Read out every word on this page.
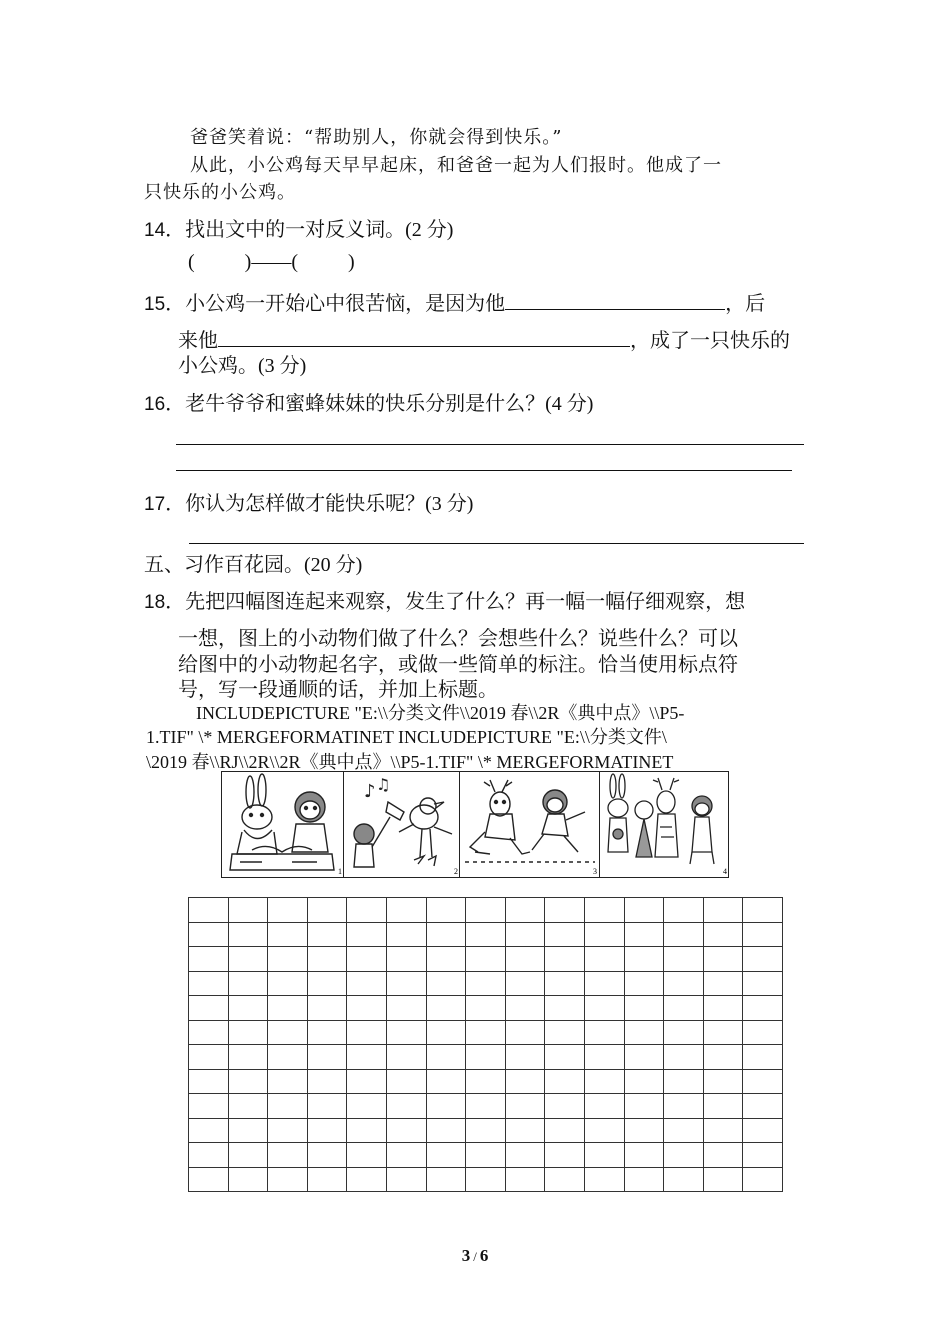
爸爸笑着说：“帮助别人，你就会得到快乐。”
从此，小公鸡每天早早起床，和爸爸一起为人们报时。他成了一
只快乐的小公鸡。
14．找出文中的一对反义词。(2 分)
(          )——(          )
15．小公鸡一开始心中很苦恼，是因为他	，后
来他	，成了一只快乐的
小公鸡。(3 分)
16．老牛爷爷和蜜蜂妹妹的快乐分别是什么？(4 分)
17．你认为怎样做才能快乐呢？(3 分)
五、习作百花园。(20 分)
18．先把四幅图连起来观察，发生了什么？再一幅一幅仔细观察，想
一想，图上的小动物们做了什么？会想些什么？说些什么？可以
给图中的小动物起名字，或做一些简单的标注。恰当使用标点符
号，写一段通顺的话，并加上标题。
INCLUDEPICTURE "E:\\分类文件\\2019 春\\2R《典中点》\\P5-
1.TIF" \* MERGEFORMATINET INCLUDEPICTURE "E:\\分类文件\
\2019 春\\RJ\\2R\\2R《典中点》\\P5-1.TIF" \* MERGEFORMATINET
1
♪ ♫
2	3	4

3 / 6
